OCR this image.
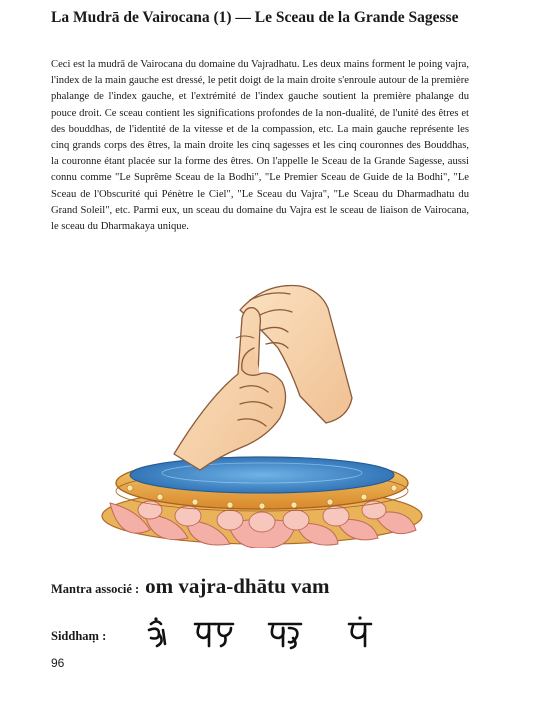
La Mudrā de Vairocana (1) — Le Sceau de la Grande Sagesse
Ceci est la mudrā de Vairocana du domaine du Vajradhatu. Les deux mains forment le poing vajra, l'index de la main gauche est dressé, le petit doigt de la main droite s'enroule autour de la première phalange de l'index gauche, et l'extrémité de l'index gauche soutient la première phalange du pouce droit. Ce sceau contient les significations profondes de la non-dualité, de l'unité des êtres et des bouddhas, de l'identité de la vitesse et de la compassion, etc. La main gauche représente les cinq grands corps des êtres, la main droite les cinq sagesses et les cinq couronnes des Bouddhas, la couronne étant placée sur la forme des êtres. On l'appelle le Sceau de la Grande Sagesse, aussi connu comme "Le Suprême Sceau de la Bodhi", "Le Premier Sceau de Guide de la Bodhi", "Le Sceau de l'Obscurité qui Pénètre le Ciel", "Le Sceau du Vajra", "Le Sceau du Dharmadhatu du Grand Soleil", etc. Parmi eux, un sceau du domaine du Vajra est le sceau de liaison de Vairocana, le sceau du Dharmakaya unique.
Mantra associé : om vajra-dhātu vam
Siddhaṃ :
96
